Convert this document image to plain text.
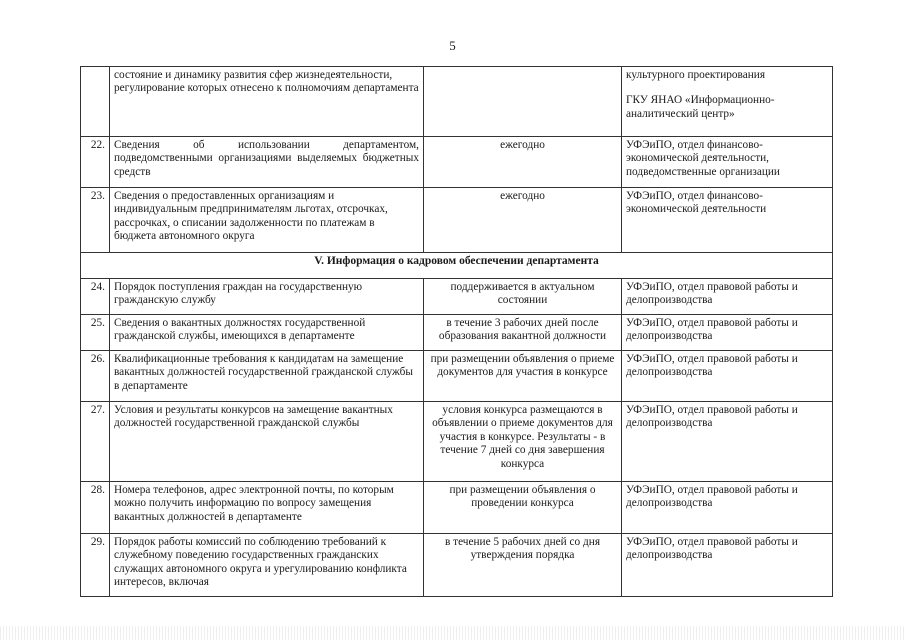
5
	состояние и динамику развития сфер жизнедеятельности, регулирование которых отнесено к полномочиям департамента		культурного проектирования
ГКУ ЯНАО «Информационно-аналитический центр»

22.	Сведения об использовании департаментом, подведомственными организациями выделяемых бюджетных средств	ежегодно	УФЭиПО, отдел финансово-экономической деятельности, подведомственные организации
23.	Сведения о предоставленных организациям и индивидуальным предпринимателям льготах, отсрочках, рассрочках, о списании задолженности по платежам в бюджета автономного округа	ежегодно	УФЭиПО, отдел финансово-экономической деятельности
V. Информация о кадровом обеспечении департамента			
24.	Порядок поступления граждан на государственную гражданскую службу	поддерживается в актуальном состоянии	УФЭиПО, отдел правовой работы и делопроизводства
25.	Сведения о вакантных должностях государственной гражданской службы, имеющихся в департаменте	в течение 3 рабочих дней после образования вакантной должности	УФЭиПО, отдел правовой работы и делопроизводства
26.	Квалификационные требования к кандидатам на замещение вакантных должностей государственной гражданской службы в департаменте	при размещении объявления о приеме документов для участия в конкурсе	УФЭиПО, отдел правовой работы и делопроизводства
27.	Условия и результаты конкурсов на замещение вакантных должностей государственной гражданской службы	условия конкурса размещаются в объявлении о приеме документов для участия в конкурсе. Результаты - в течение 7 дней со дня завершения конкурса	УФЭиПО, отдел правовой работы и делопроизводства
28.	Номера телефонов, адрес электронной почты, по которым можно получить информацию по вопросу замещения вакантных должностей в департаменте	при размещении объявления о проведении конкурса	УФЭиПО, отдел правовой работы и делопроизводства
29.	Порядок работы комиссий по соблюдению требований к служебному поведению государственных гражданских служащих автономного округа и урегулированию конфликта интересов, включая	в течение 5 рабочих дней со дня утверждения порядка	УФЭиПО, отдел правовой работы и делопроизводства
